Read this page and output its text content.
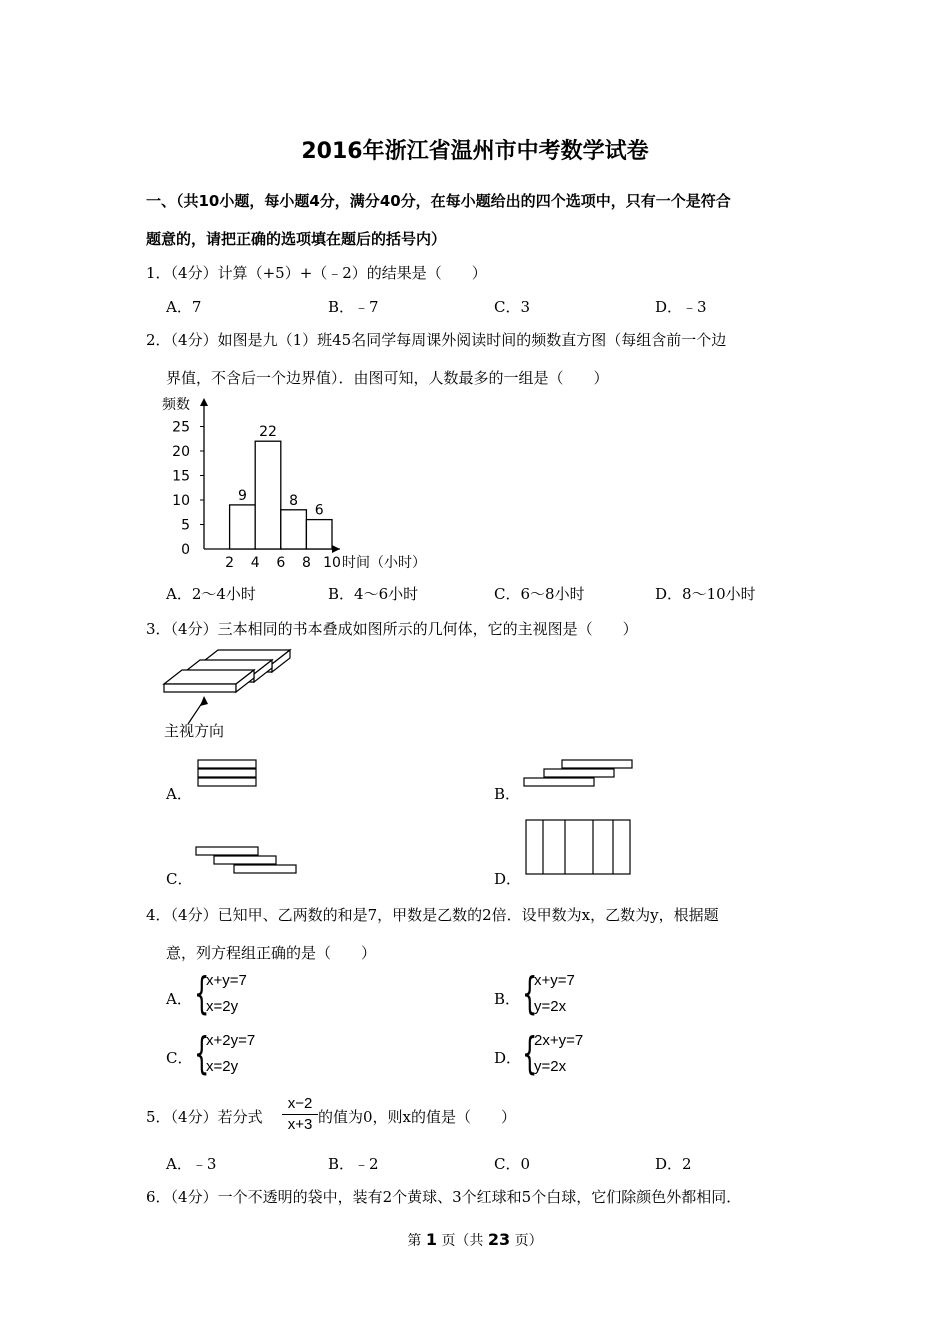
2016年浙江省温州市中考数学试卷
一、（共10小题，每小题4分，满分40分，在每小题给出的四个选项中，只有一个是符合
题意的，请把正确的选项填在题后的括号内）
1．（4分）计算（+5）+（﹣2）的结果是（　　）
A．7	B．﹣7	C．3	D．﹣3
2．（4分）如图是九（1）班45名同学每周课外阅读时间的频数直方图（每组含前一个边
界值，不含后一个边界值）．由图可知，人数最多的一组是（　　）
频数
0
5
10
15
20
25
2 4 6 8 10 时间（小时）
9
22
8
6
A．2～4小时	B．4～6小时	C．6～8小时	D．8～10小时
3．（4分）三本相同的书本叠成如图所示的几何体，它的主视图是（　　）
主视方向
A．	B．
C．	D．
4．（4分）已知甲、乙两数的和是7，甲数是乙数的2倍．设甲数为x，乙数为y，根据题
意，列方程组正确的是（　　）
A． {
x+y=7
x=2y	B． {
x+y=7
y=2x
C． {
x+2y=7
x=2y	D． {
2x+y=7
y=2x
5．（4分）若分式 $\frac{x-2}{x+3}$ 的值为0，则x的值是（　　）
A．﹣3	B．﹣2	C．0	D．2
6．（4分）一个不透明的袋中，装有2个黄球、3个红球和5个白球，它们除颜色外都相同．
第 1 页（共 23 页）
